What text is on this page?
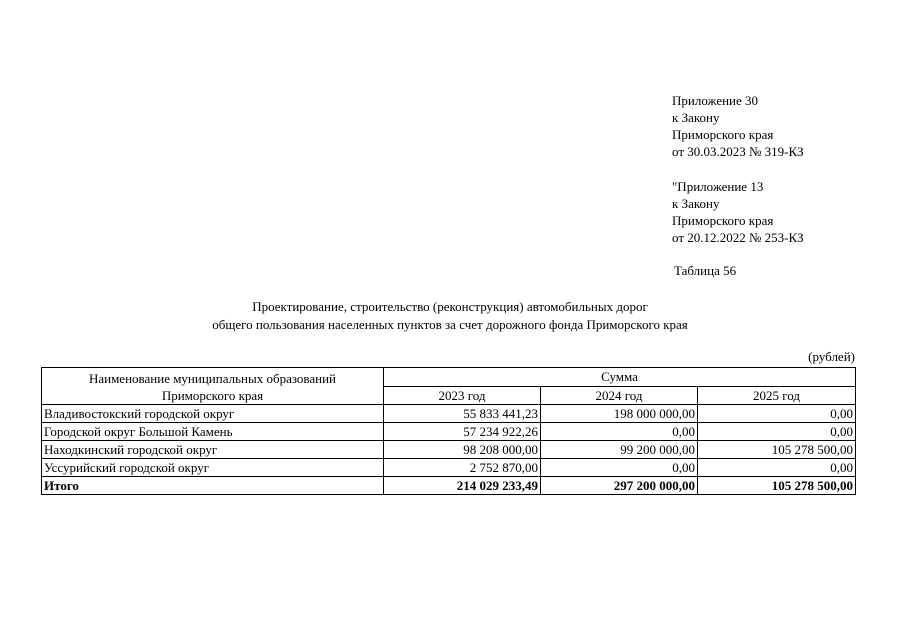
Приложение 30
к Закону
Приморского края
от 30.03.2023 № 319-КЗ
"Приложение 13
к Закону
Приморского края
от 20.12.2022 № 253-КЗ
Таблица 56
Проектирование, строительство (реконструкция) автомобильных дорог
общего пользования населенных пунктов за счет дорожного фонда Приморского края
(рублей)
Наименование муниципальных образований
Приморского края	Сумма		
	2023 год	2024 год	2025 год
Владивостокский городской округ	55 833 441,23	198 000 000,00	0,00
Городской округ Большой Камень	57 234 922,26	0,00	0,00
Находкинский городской округ	98 208 000,00	99 200 000,00	105 278 500,00
Уссурийский городской округ	2 752 870,00	0,00	0,00
Итого	214 029 233,49	297 200 000,00	105 278 500,00
